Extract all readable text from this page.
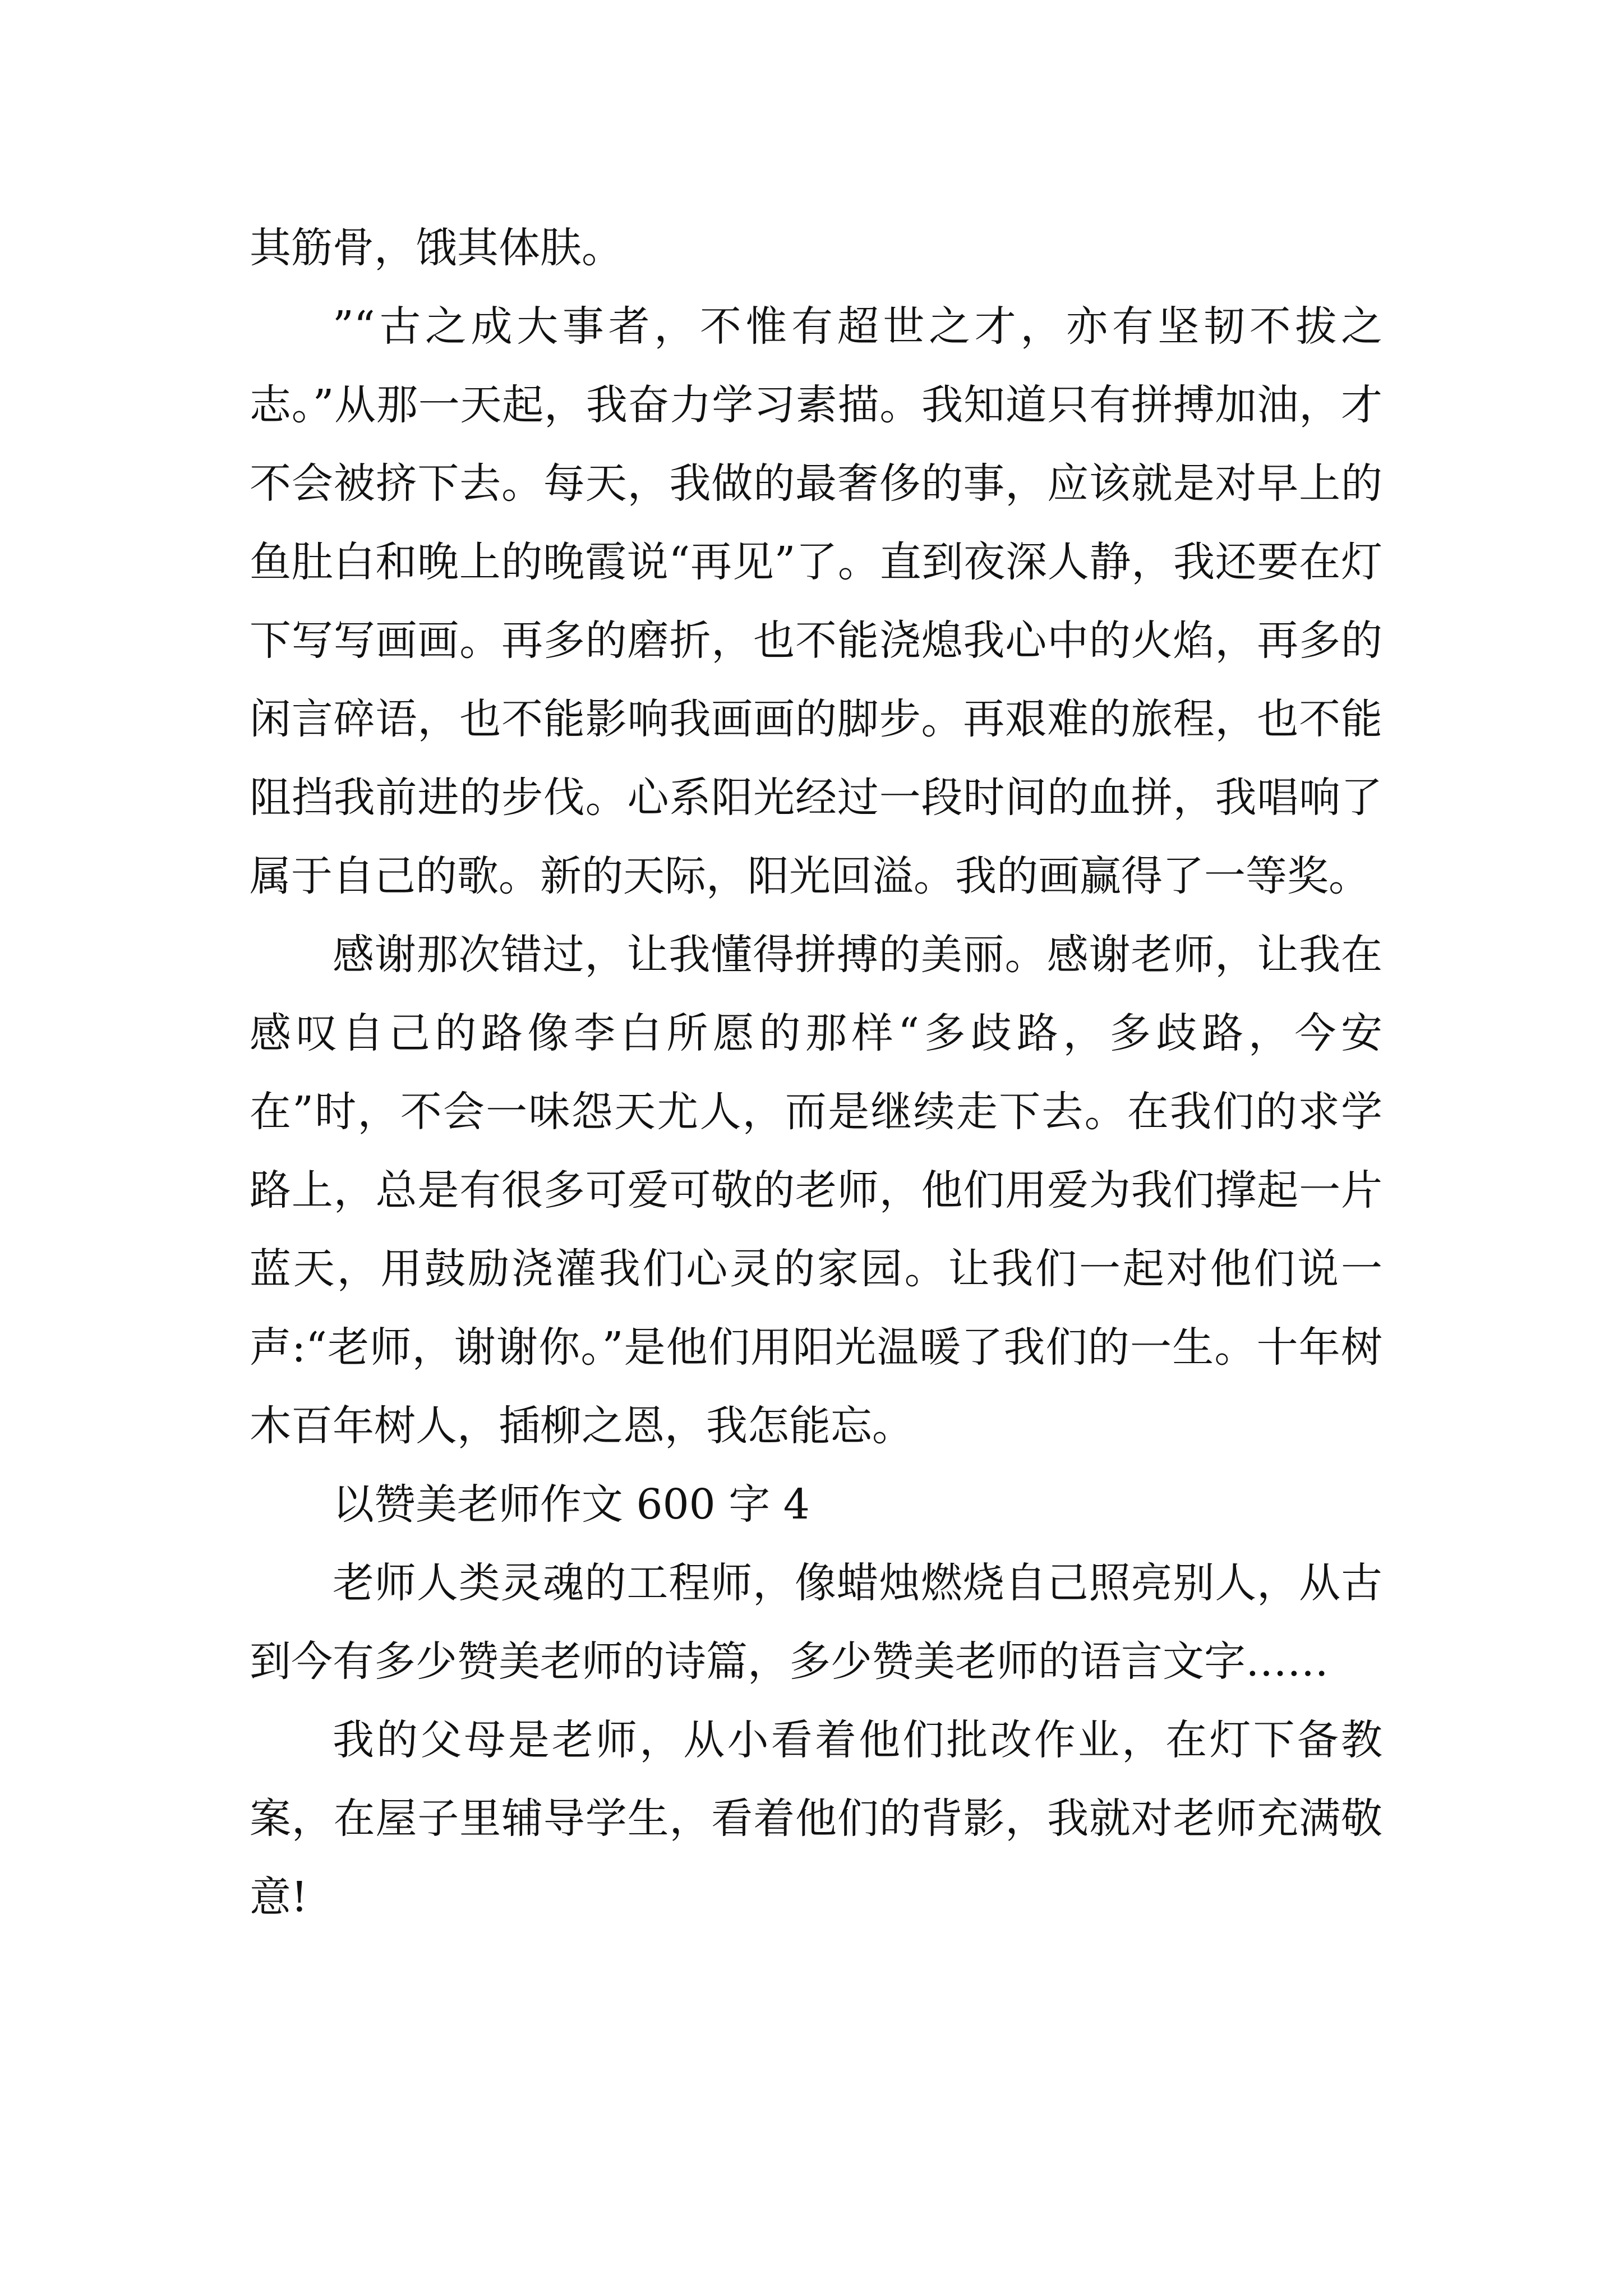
其筋骨，饿其体肤。

”“古之成大事者，不惟有超世之才，亦有坚韧不拔之志。”从那一天起，我奋力学习素描。我知道只有拼搏加油，才不会被挤下去。每天，我做的最奢侈的事，应该就是对早上的鱼肚白和晚上的晚霞说“再见”了。直到夜深人静，我还要在灯下写写画画。再多的磨折，也不能浇熄我心中的火焰，再多的闲言碎语，也不能影响我画画的脚步。再艰难的旅程，也不能阻挡我前进的步伐。心系阳光经过一段时间的血拼，我唱响了属于自己的歌。新的天际，阳光回溢。我的画赢得了一等奖。

感谢那次错过，让我懂得拼搏的美丽。感谢老师，让我在感叹自己的路像李白所愿的那样“多歧路，多歧路，今安在”时，不会一味怨天尤人，而是继续走下去。在我们的求学路上，总是有很多可爱可敬的老师，他们用爱为我们撑起一片蓝天，用鼓励浇灌我们心灵的家园。让我们一起对他们说一声:“老师，谢谢你。”是他们用阳光温暖了我们的一生。十年树木百年树人，插柳之恩，我怎能忘。

以赞美老师作文 600 字 4

老师人类灵魂的工程师，像蜡烛燃烧自己照亮别人，从古到今有多少赞美老师的诗篇，多少赞美老师的语言文字……

我的父母是老师，从小看着他们批改作业，在灯下备教案，在屋子里辅导学生，看着他们的背影，我就对老师充满敬意!
